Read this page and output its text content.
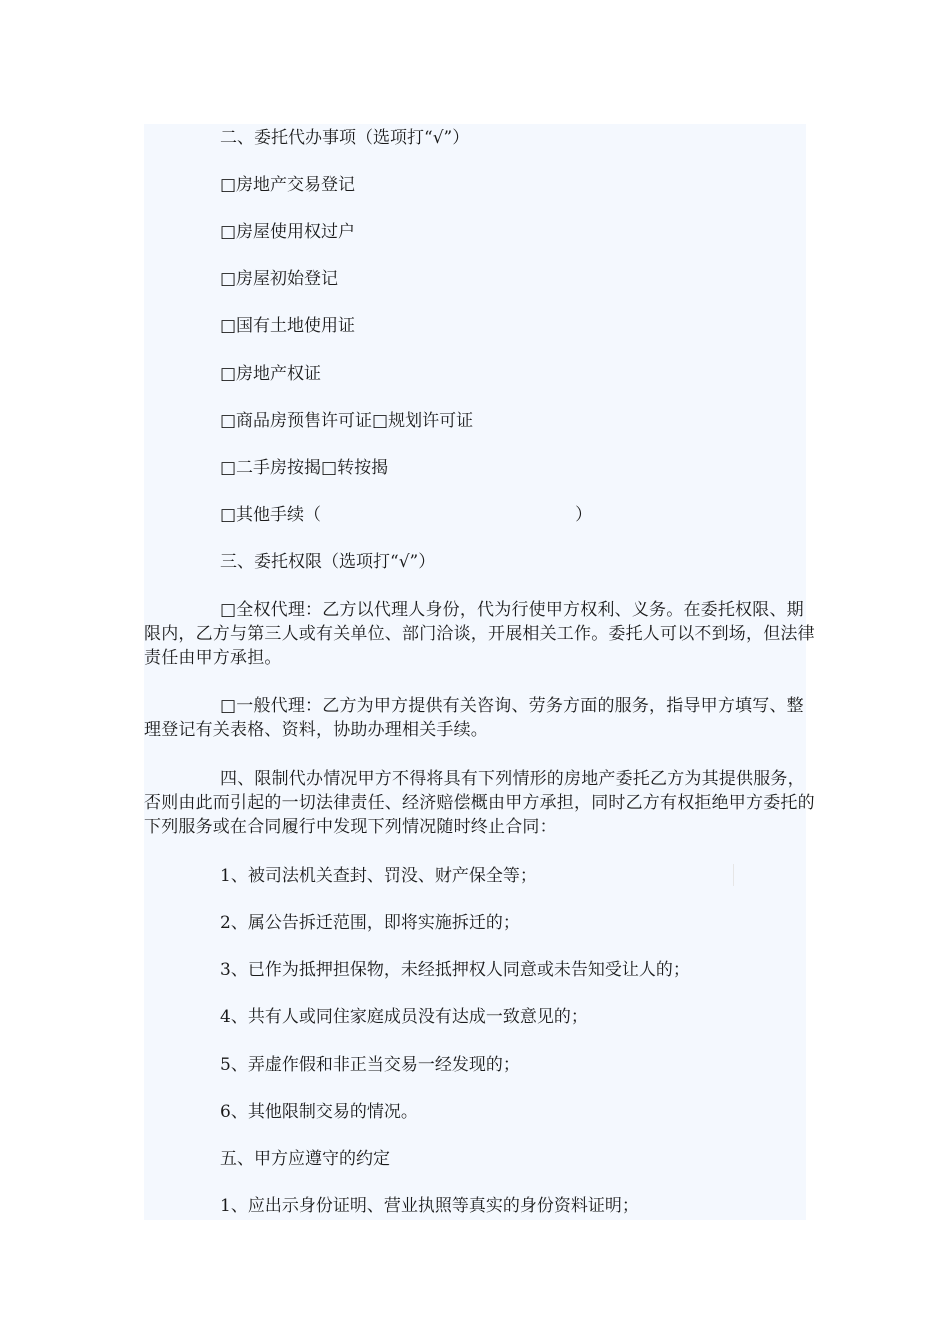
二、委托代办事项（选项打“√”）
□房地产交易登记
□房屋使用权过户
□房屋初始登记
□国有土地使用证
□房地产权证
□商品房预售许可证□规划许可证
□二手房按揭□转按揭
□其他手续（	）
三、委托权限（选项打“√”）
□全权代理：乙方以代理人身份，代为行使甲方权利、义务。在委托权限、期限内，乙方与第三人或有关单位、部门洽谈，开展相关工作。委托人可以不到场，但法律责任由甲方承担。
□一般代理：乙方为甲方提供有关咨询、劳务方面的服务，指导甲方填写、整理登记有关表格、资料，协助办理相关手续。
四、限制代办情况甲方不得将具有下列情形的房地产委托乙方为其提供服务，否则由此而引起的一切法律责任、经济赔偿概由甲方承担，同时乙方有权拒绝甲方委托的下列服务或在合同履行中发现下列情况随时终止合同：
1、被司法机关查封、罚没、财产保全等；
2、属公告拆迁范围，即将实施拆迁的；
3、已作为抵押担保物，未经抵押权人同意或未告知受让人的；
4、共有人或同住家庭成员没有达成一致意见的；
5、弄虚作假和非正当交易一经发现的；
6、其他限制交易的情况。
五、甲方应遵守的约定
1、应出示身份证明、营业执照等真实的身份资料证明；
